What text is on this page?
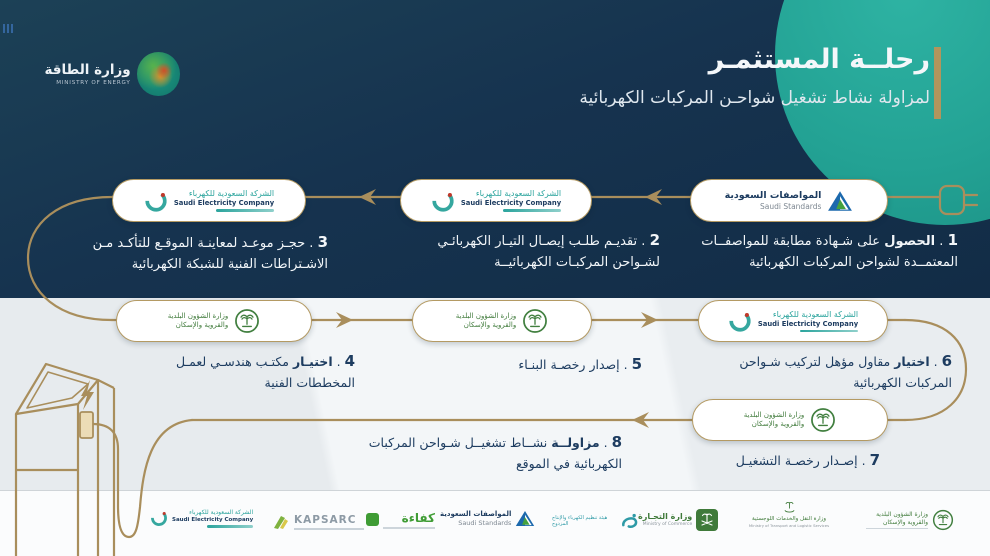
رحلــة المستثمـر
لمزاولة نشاط تشغيل شواحـن المركبات الكهربائية
وزارة الطاقة
MINISTRY OF ENERGY
المواصفات السعودية
Saudi Standards
الشركة السعودية للكهرباء
Saudi Electricity Company
الشركة السعودية للكهرباء
Saudi Electricity Company
وزارة الشؤون البلدية
والقروية والإسكان
وزارة الشؤون البلدية
والقروية والإسكان
الشركة السعودية للكهرباء
Saudi Electricity Company
وزارة الشؤون البلدية
والقروية والإسكان
1 . الحصول على شـهادة مطابقة للمواصفــات المعتمــدة لشواحن المركبات الكهربائية
2 . تقديـم طلـب إيصـال التيـار الكهربائـي لشـواحن المركبـات الكهربائيــة
3 . حجـز موعـد لمعاينـة الموقـع للتأكـد مـن الاشـتراطات الفنية للشبكة الكهربائية
4 . اختيـار مكتـب هندسـي لعمـل المخططات الفنية
5 . إصدار رخصـة البنـاء	6 . اختيار مقاول مؤهل لتركيب شـواحن المركبات الكهربائية
7 . إصـدار رخصـة التشغيـل
8 . مزاولــة نشــاط تشغيــل شـواحن المركبات الكهربائية في الموقع
الشركة السعودية للكهرباء
Saudi Electricity Company	KAPSARC	كفاءة المواصفات السعودية
Saudi Standards
هيئة تنظيم الكهرباء والإنتاج المزدوج
وزارة التجـارة
Ministry of Commerce
وزارة النقل والخدمات اللوجستية
Ministry of Transport and Logistic Services
وزارة الشؤون البلدية
والقروية والإسكان
